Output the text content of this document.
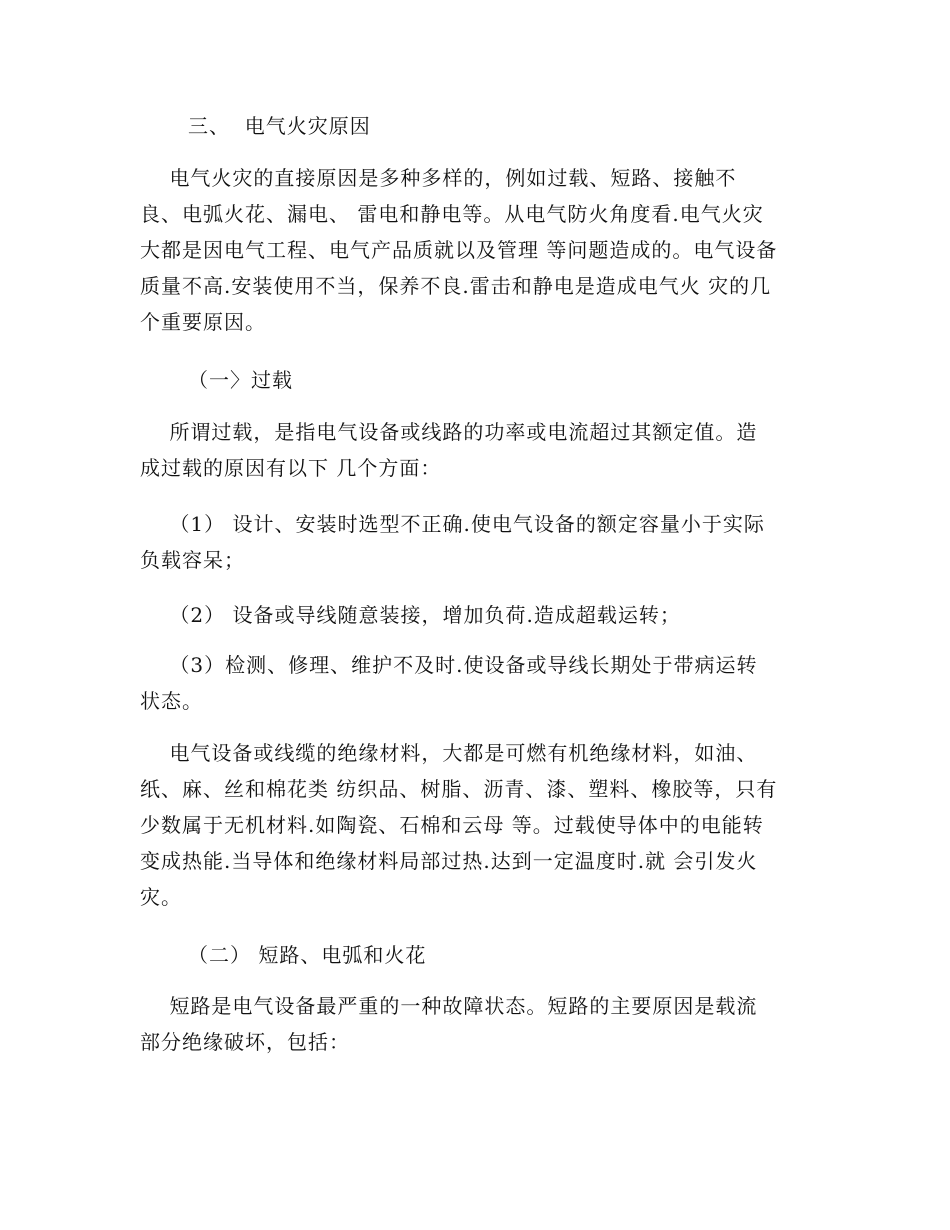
三、  电气火灾原因

电气火灾的直接原因是多种多样的，例如过载、短路、接触不
良、电弧火花、漏电、 雷电和静电等。从电气防火角度看.电气火灾
大都是因电气工程、电气产品质就以及管理 等问题造成的。电气设备
质量不高.安装使用不当，保养不良.雷击和静电是造成电气火 灾的几
个重要原因。

（一〉过载

所谓过载，是指电气设备或线路的功率或电流超过其额定值。造
成过载的原因有以下 几个方面：

（1） 设计、安装时选型不正确.使电气设备的额定容量小于实际
负载容呆；

（2） 设备或导线随意装接，增加负荷.造成超载运转；

（3）检测、修理、维护不及时.使设备或导线长期处于带病运转
状态。

电气设备或线缆的绝缘材料，大都是可燃有机绝缘材料，如油、
纸、麻、丝和棉花类 纺织品、树脂、沥青、漆、塑料、橡胶等，只有
少数属于无机材料.如陶瓷、石棉和云母 等。过载使导体中的电能转
变成热能.当导体和绝缘材料局部过热.达到一定温度时.就 会引发火
灾。

（二） 短路、电弧和火花

短路是电气设备最严重的一种故障状态。短路的主要原因是载流
部分绝缘破坏，包括：
